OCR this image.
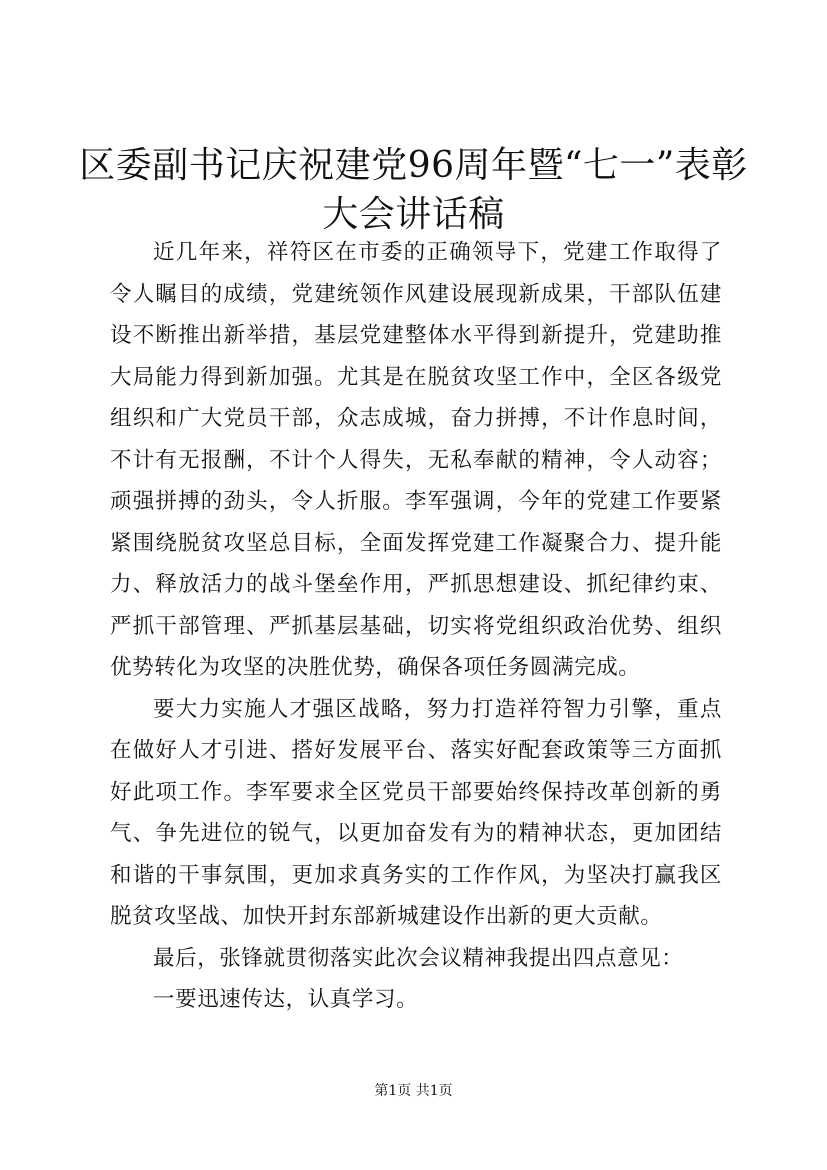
区委副书记庆祝建党96周年暨“七一”表彰
大会讲话稿

近几年来，祥符区在市委的正确领导下，党建工作取得了令人瞩目的成绩，党建统领作风建设展现新成果，干部队伍建设不断推出新举措，基层党建整体水平得到新提升，党建助推大局能力得到新加强。尤其是在脱贫攻坚工作中，全区各级党组织和广大党员干部，众志成城，奋力拼搏，不计作息时间，不计有无报酬，不计个人得失，无私奉献的精神，令人动容；顽强拼搏的劲头，令人折服。李军强调，今年的党建工作要紧紧围绕脱贫攻坚总目标，全面发挥党建工作凝聚合力、提升能力、释放活力的战斗堡垒作用，严抓思想建设、抓纪律约束、严抓干部管理、严抓基层基础，切实将党组织政治优势、组织优势转化为攻坚的决胜优势，确保各项任务圆满完成。

要大力实施人才强区战略，努力打造祥符智力引擎，重点在做好人才引进、搭好发展平台、落实好配套政策等三方面抓好此项工作。李军要求全区党员干部要始终保持改革创新的勇气、争先进位的锐气，以更加奋发有为的精神状态，更加团结和谐的干事氛围，更加求真务实的工作作风，为坚决打赢我区脱贫攻坚战、加快开封东部新城建设作出新的更大贡献。

最后，张锋就贯彻落实此次会议精神我提出四点意见：

一要迅速传达，认真学习。

第1页 共1页
